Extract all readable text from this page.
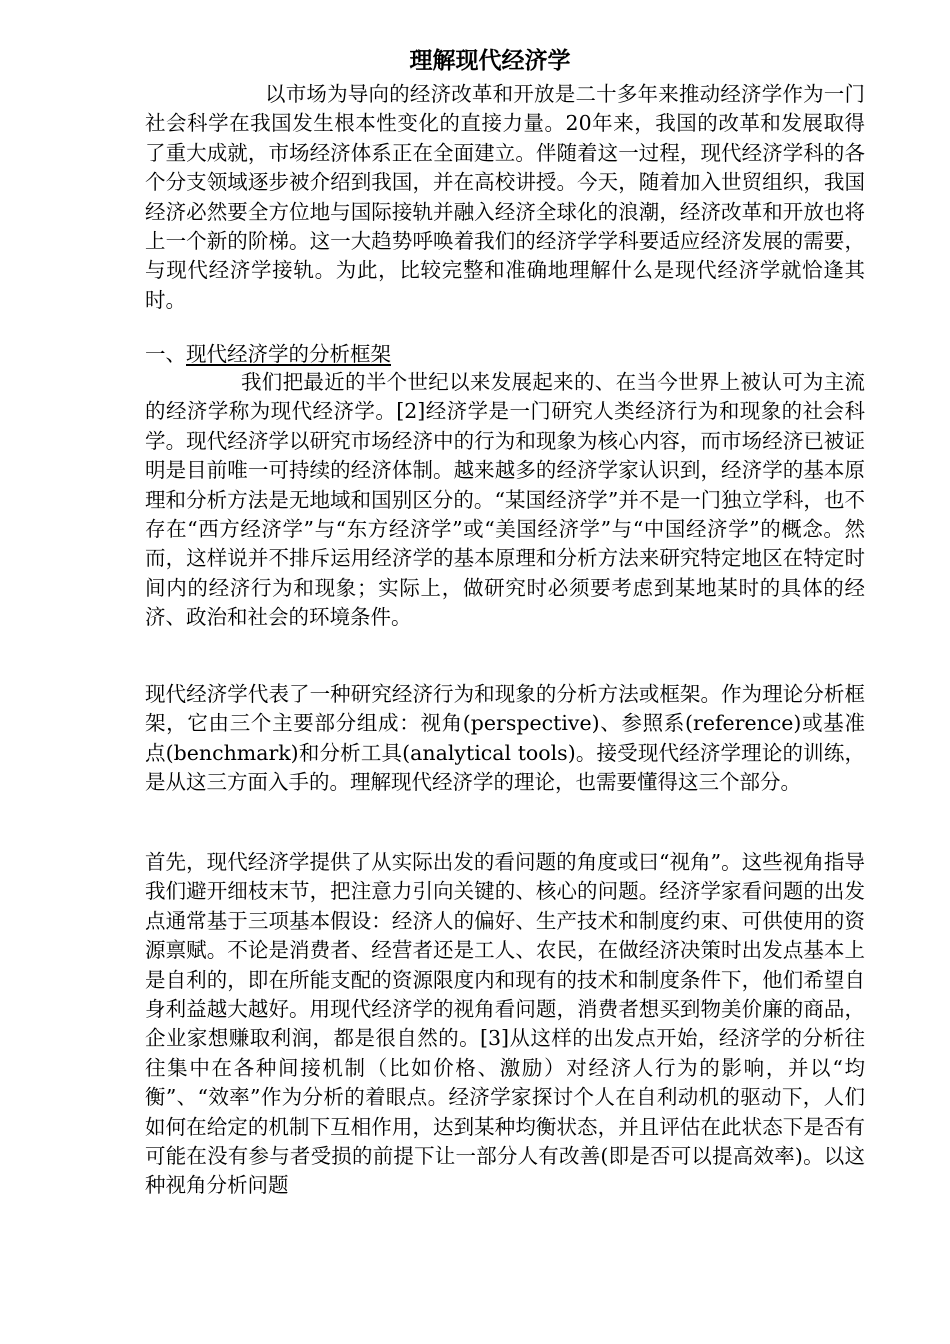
理解现代经济学
以市场为导向的经济改革和开放是二十多年来推动经济学作为一门社会科学在我国发生根本性变化的直接力量。20年来，我国的改革和发展取得了重大成就，市场经济体系正在全面建立。伴随着这一过程，现代经济学科的各个分支领域逐步被介绍到我国，并在高校讲授。今天，随着加入世贸组织，我国经济必然要全方位地与国际接轨并融入经济全球化的浪潮，经济改革和开放也将上一个新的阶梯。这一大趋势呼唤着我们的经济学学科要适应经济发展的需要，与现代经济学接轨。为此，比较完整和准确地理解什么是现代经济学就恰逢其时。
一、现代经济学的分析框架
我们把最近的半个世纪以来发展起来的、在当今世界上被认可为主流的经济学称为现代经济学。[2]经济学是一门研究人类经济行为和现象的社会科学。现代经济学以研究市场经济中的行为和现象为核心内容，而市场经济已被证明是目前唯一可持续的经济体制。越来越多的经济学家认识到，经济学的基本原理和分析方法是无地域和国别区分的。“某国经济学”并不是一门独立学科，也不存在“西方经济学”与“东方经济学”或“美国经济学”与“中国经济学”的概念。然而，这样说并不排斥运用经济学的基本原理和分析方法来研究特定地区在特定时间内的经济行为和现象；实际上，做研究时必须要考虑到某地某时的具体的经济、政治和社会的环境条件。
现代经济学代表了一种研究经济行为和现象的分析方法或框架。作为理论分析框架，它由三个主要部分组成：视角(perspective)、参照系(reference)或基准点(benchmark)和分析工具(analytical tools)。接受现代经济学理论的训练，是从这三方面入手的。理解现代经济学的理论，也需要懂得这三个部分。
首先，现代经济学提供了从实际出发的看问题的角度或曰“视角”。这些视角指导我们避开细枝末节，把注意力引向关键的、核心的问题。经济学家看问题的出发点通常基于三项基本假设：经济人的偏好、生产技术和制度约束、可供使用的资源禀赋。不论是消费者、经营者还是工人、农民，在做经济决策时出发点基本上是自利的，即在所能支配的资源限度内和现有的技术和制度条件下，他们希望自身利益越大越好。用现代经济学的视角看问题，消费者想买到物美价廉的商品，企业家想赚取利润，都是很自然的。[3]从这样的出发点开始，经济学的分析往往集中在各种间接机制（比如价格、激励）对经济人行为的影响，并以“均衡”、“效率”作为分析的着眼点。经济学家探讨个人在自利动机的驱动下，人们如何在给定的机制下互相作用，达到某种均衡状态，并且评估在此状态下是否有可能在没有参与者受损的前提下让一部分人有改善(即是否可以提高效率)。以这种视角分析问题
